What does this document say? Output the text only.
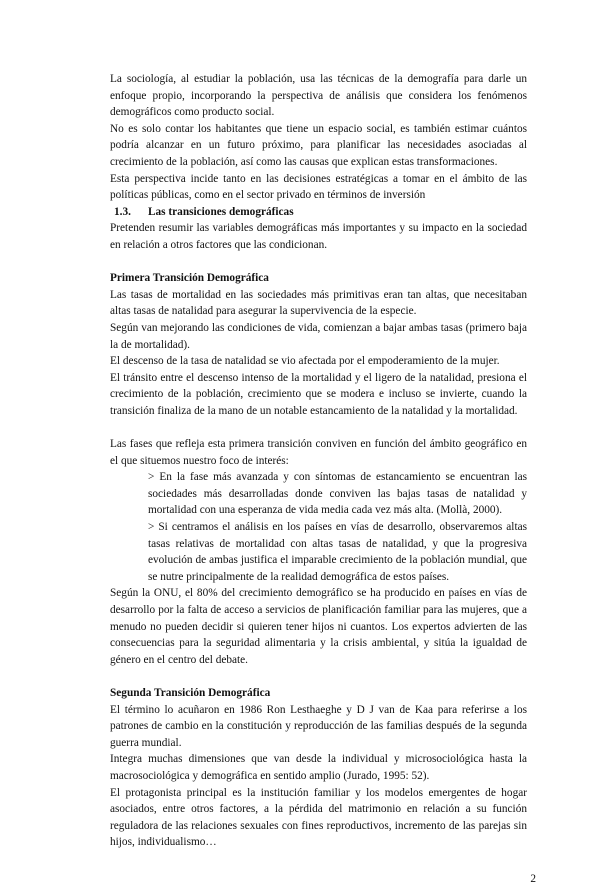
La sociología, al estudiar la población, usa las técnicas de la demografía para darle un enfoque propio, incorporando la perspectiva de análisis que considera los fenómenos demográficos como producto social.

No es solo contar los habitantes que tiene un espacio social, es también estimar cuántos podría alcanzar en un futuro próximo, para planificar las necesidades asociadas al crecimiento de la población, así como las causas que explican estas transformaciones.

Esta perspectiva incide tanto en las decisiones estratégicas a tomar en el ámbito de las políticas públicas, como en el sector privado en términos de inversión

1.3.	Las transiciones demográficas

Pretenden resumir las variables demográficas más importantes y su impacto en la sociedad en relación a otros factores que las condicionan.

Primera Transición Demográfica

Las tasas de mortalidad en las sociedades más primitivas eran tan altas, que necesitaban altas tasas de natalidad para asegurar la supervivencia de la especie.

Según van mejorando las condiciones de vida, comienzan a bajar ambas tasas (primero baja la de mortalidad).

El descenso de la tasa de natalidad se vio afectada por el empoderamiento de la mujer.

El tránsito entre el descenso intenso de la mortalidad y el ligero de la natalidad, presiona el crecimiento de la población, crecimiento que se modera e incluso se invierte, cuando la transición finaliza de la mano de un notable estancamiento de la natalidad y la mortalidad.

Las fases que refleja esta primera transición conviven en función del ámbito geográfico en el que situemos nuestro foco de interés:

> En la fase más avanzada y con síntomas de estancamiento se encuentran las sociedades más desarrolladas donde conviven las bajas tasas de natalidad y mortalidad con una esperanza de vida media cada vez más alta. (Mollà, 2000).

> Si centramos el análisis en los países en vías de desarrollo, observaremos altas tasas relativas de mortalidad con altas tasas de natalidad, y que la progresiva evolución de ambas justifica el imparable crecimiento de la población mundial, que se nutre principalmente de la realidad demográfica de estos países.

Según la ONU, el 80% del crecimiento demográfico se ha producido en países en vías de desarrollo por la falta de acceso a servicios de planificación familiar para las mujeres, que a menudo no pueden decidir si quieren tener hijos ni cuantos. Los expertos advierten de las consecuencias para la seguridad alimentaria y la crisis ambiental, y sitúa la igualdad de género en el centro del debate.

Segunda Transición Demográfica

El término lo acuñaron en 1986 Ron Lesthaeghe y D J van de Kaa para referirse a los patrones de cambio en la constitución y reproducción de las familias después de la segunda guerra mundial.

Integra muchas dimensiones que van desde la individual y microsociológica hasta la macrosociológica y demográfica en sentido amplio (Jurado, 1995: 52).

El protagonista principal es la institución familiar y los modelos emergentes de hogar asociados, entre otros factores, a la pérdida del matrimonio en relación a su función reguladora de las relaciones sexuales con fines reproductivos, incremento de las parejas sin hijos, individualismo…

2
